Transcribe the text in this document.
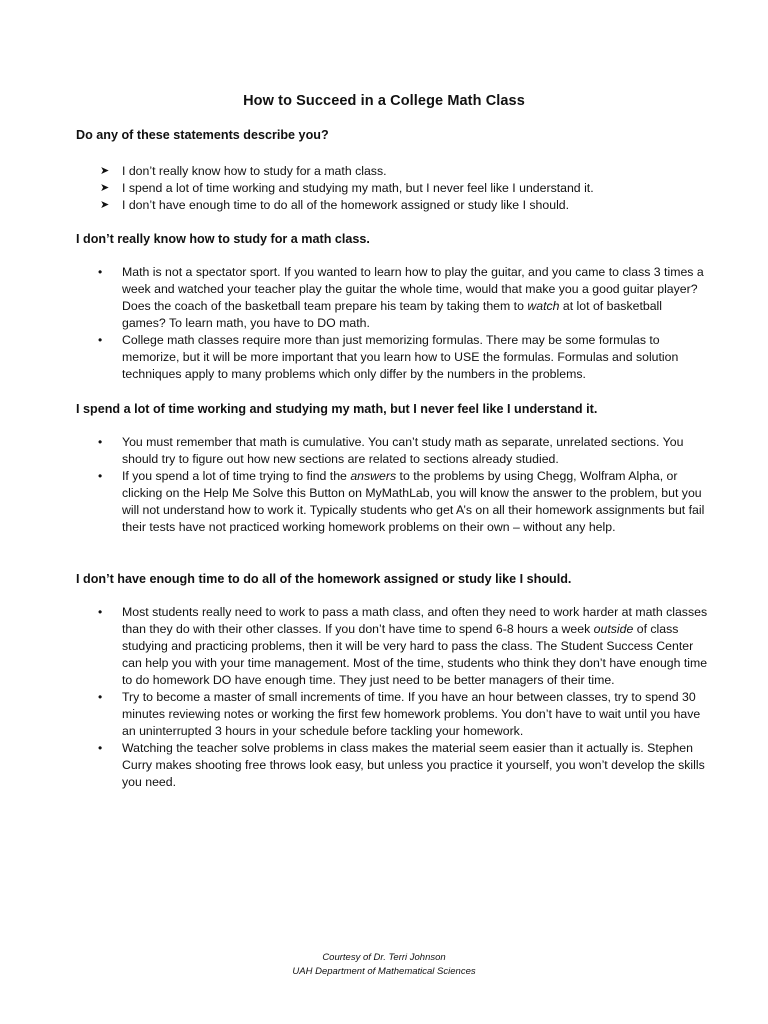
How to Succeed in a College Math Class
Do any of these statements describe you?
➤ I don’t really know how to study for a math class.
➤ I spend a lot of time working and studying my math, but I never feel like I understand it.
➤ I don’t have enough time to do all of the homework assigned or study like I should.
I don’t really know how to study for a math class.
• Math is not a spectator sport. If you wanted to learn how to play the guitar, and you came to class 3 times a week and watched your teacher play the guitar the whole time, would that make you a good guitar player? Does the coach of the basketball team prepare his team by taking them to watch at lot of basketball games? To learn math, you have to DO math.
• College math classes require more than just memorizing formulas. There may be some formulas to memorize, but it will be more important that you learn how to USE the formulas. Formulas and solution techniques apply to many problems which only differ by the numbers in the problems.
I spend a lot of time working and studying my math, but I never feel like I understand it.
• You must remember that math is cumulative. You can’t study math as separate, unrelated sections. You should try to figure out how new sections are related to sections already studied.
• If you spend a lot of time trying to find the answers to the problems by using Chegg, Wolfram Alpha, or clicking on the Help Me Solve this Button on MyMathLab, you will know the answer to the problem, but you will not understand how to work it. Typically students who get A’s on all their homework assignments but fail their tests have not practiced working homework problems on their own – without any help.
I don’t have enough time to do all of the homework assigned or study like I should.
• Most students really need to work to pass a math class, and often they need to work harder at math classes than they do with their other classes. If you don’t have time to spend 6-8 hours a week outside of class studying and practicing problems, then it will be very hard to pass the class. The Student Success Center can help you with your time management. Most of the time, students who think they don’t have enough time to do homework DO have enough time. They just need to be better managers of their time.
• Try to become a master of small increments of time. If you have an hour between classes, try to spend 30 minutes reviewing notes or working the first few homework problems. You don’t have to wait until you have an uninterrupted 3 hours in your schedule before tackling your homework.
• Watching the teacher solve problems in class makes the material seem easier than it actually is. Stephen Curry makes shooting free throws look easy, but unless you practice it yourself, you won’t develop the skills you need.
Courtesy of Dr. Terri Johnson
UAH Department of Mathematical Sciences
